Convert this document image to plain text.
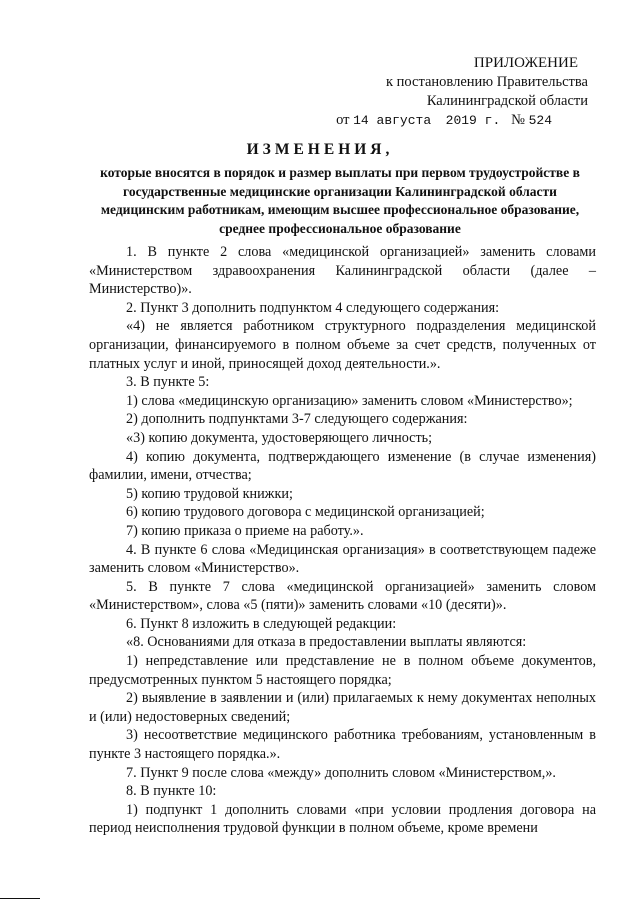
ПРИЛОЖЕНИЕ
к постановлению Правительства
Калининградской области
от 14 августа 2019 г. № 524
ИЗМЕНЕНИЯ,
которые вносятся в порядок и размер выплаты при первом трудоустройстве в государственные медицинские организации Калининградской области медицинским работникам, имеющим высшее профессиональное образование, среднее профессиональное образование

1. В пункте 2 слова «медицинской организацией» заменить словами «Министерством здравоохранения Калининградской области (далее – Министерство)».

2. Пункт 3 дополнить подпунктом 4 следующего содержания:

«4) не является работником структурного подразделения медицинской организации, финансируемого в полном объеме за счет средств, полученных от платных услуг и иной, приносящей доход деятельности.».

3. В пункте 5:

1) слова «медицинскую организацию» заменить словом «Министерство»;

2) дополнить подпунктами 3-7 следующего содержания:

«3) копию документа, удостоверяющего личность;

4) копию документа, подтверждающего изменение (в случае изменения) фамилии, имени, отчества;

5) копию трудовой книжки;

6) копию трудового договора с медицинской организацией;

7) копию приказа о приеме на работу.».

4. В пункте 6 слова «Медицинская организация» в соответствующем падеже заменить словом «Министерство».

5. В пункте 7 слова «медицинской организацией» заменить словом «Министерством», слова «5 (пяти)» заменить словами «10 (десяти)».

6. Пункт 8 изложить в следующей редакции:

«8. Основаниями для отказа в предоставлении выплаты являются:

1) непредставление или представление не в полном объеме документов, предусмотренных пунктом 5 настоящего порядка;

2) выявление в заявлении и (или) прилагаемых к нему документах неполных и (или) недостоверных сведений;

3) несоответствие медицинского работника требованиям, установленным в пункте 3 настоящего порядка.».

7. Пункт 9 после слова «между» дополнить словом «Министерством,».

8. В пункте 10:

1) подпункт 1 дополнить словами «при условии продления договора на период неисполнения трудовой функции в полном объеме, кроме времени
